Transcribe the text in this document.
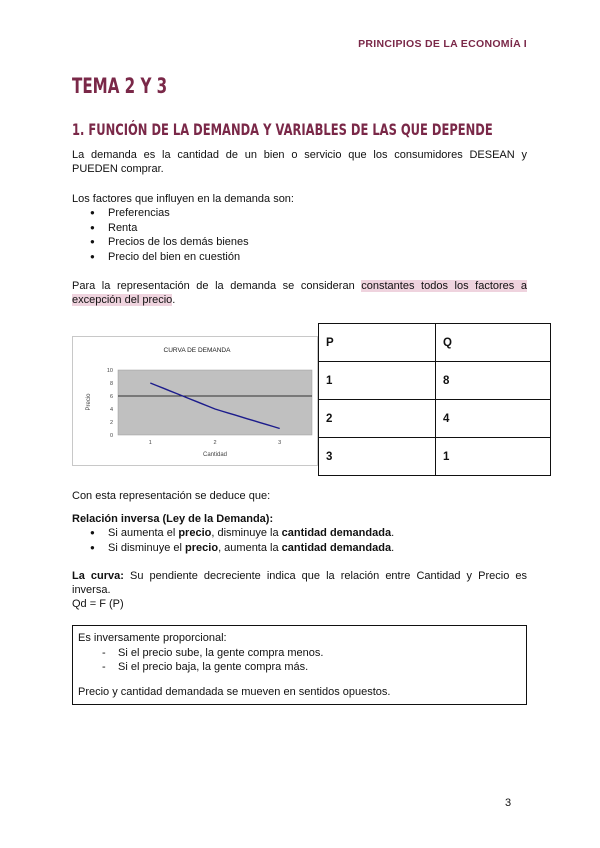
PRINCIPIOS DE LA ECONOMÍA I
TEMA 2 Y 3
1. FUNCIÓN DE LA DEMANDA Y VARIABLES DE LAS QUE DEPENDE
La demanda es la cantidad de un bien o servicio que los consumidores DESEAN y
PUEDEN comprar.
Los factores que influyen en la demanda son:
● Preferencias
● Renta
● Precios de los demás bienes
● Precio del bien en cuestión
Para la representación de la demanda se consideran constantes todos los factores a
excepción del precio.
CURVA DE DEMANDA
0
2
4
6
8
10
1	2	3
Precio
Cantidad
P	Q
1	8
2	4
3	1
Con esta representación se deduce que:
Relación inversa (Ley de la Demanda):
● Si aumenta el precio, disminuye la cantidad demandada.
● Si disminuye el precio, aumenta la cantidad demandada.
La curva: Su pendiente decreciente indica que la relación entre Cantidad y Precio es
inversa.
Qd = F (P)
Es inversamente proporcional:
- Si el precio sube, la gente compra menos.
- Si el precio baja, la gente compra más.
Precio y cantidad demandada se mueven en sentidos opuestos.
3
